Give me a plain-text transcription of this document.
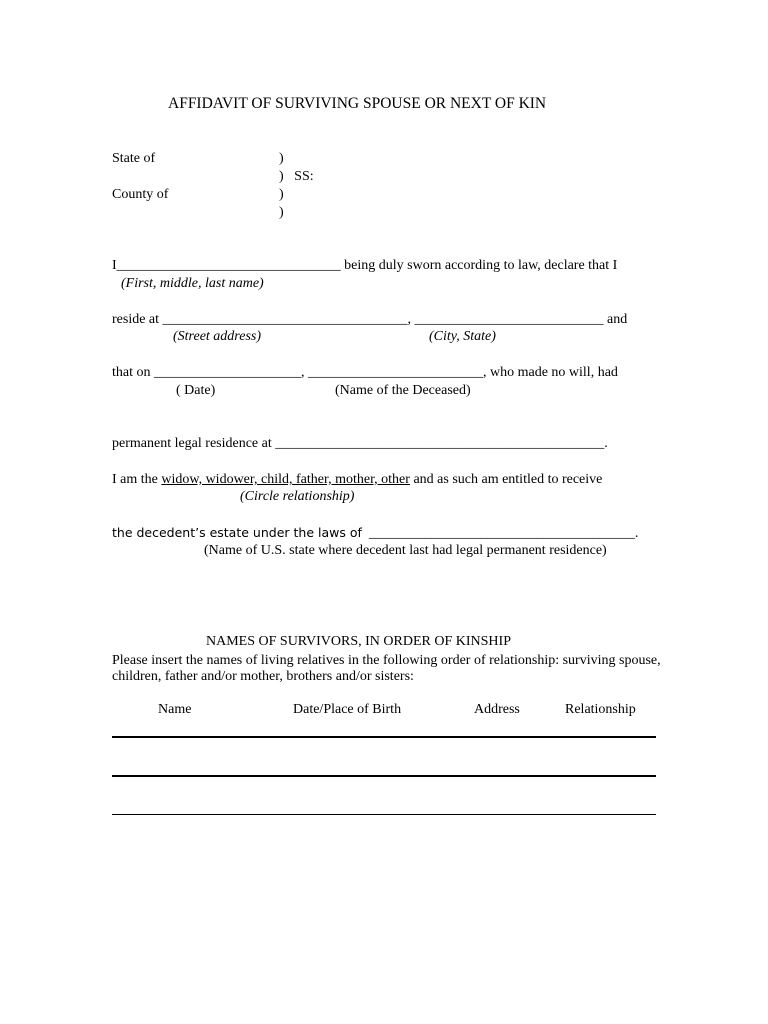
AFFIDAVIT OF SURVIVING SPOUSE OR NEXT OF KIN
State of	)
)   SS:
County of	)
)
I________________________________ being duly sworn according to law, declare that I
(First, middle, last name)
reside at ___________________________________, ___________________________ and
(Street address)	(City, State)
that on _____________________, _________________________, who made no will, had
( Date)	(Name of the Deceased)
permanent legal residence at _______________________________________________.
I am the widow, widower, child, father, mother, other and as such am entitled to receive
(Circle relationship)
the decedent’s estate under the laws of  ______________________________________.
(Name of U.S. state where decedent last had legal permanent residence)
NAMES OF SURVIVORS, IN ORDER OF KINSHIP
Please insert the names of living relatives in the following order of relationship: surviving spouse,
children, father and/or mother, brothers and/or sisters:
Name	Date/Place of Birth	Address	Relationship
